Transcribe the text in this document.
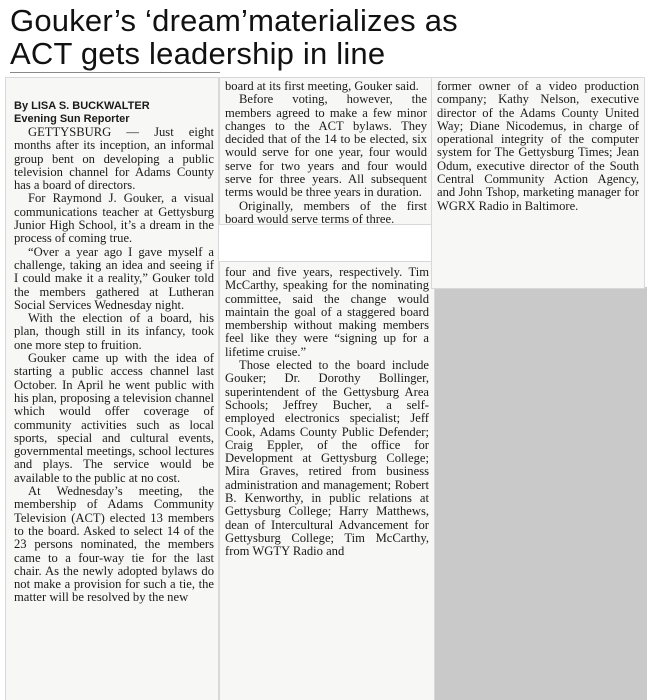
Gouker’s ‘dream’materializes as
ACT gets leadership in line

By LISA S. BUCKWALTER
Evening Sun Reporter

GETTYSBURG — Just eight months after its inception, an informal group bent on developing a public television channel for Adams County has a board of directors.

For Raymond J. Gouker, a visual communications teacher at Gettysburg Junior High School, it’s a dream in the process of coming true.

“Over a year ago I gave myself a challenge, taking an idea and seeing if I could make it a reality,” Gouker told the members gathered at Lutheran Social Services Wednesday night.

With the election of a board, his plan, though still in its infancy, took one more step to fruition.

Gouker came up with the idea of starting a public access channel last October. In April he went public with his plan, proposing a television channel which would offer coverage of community activities such as local sports, special and cultural events, governmental meetings, school lectures and plays. The service would be available to the public at no cost.

At Wednesday’s meeting, the membership of Adams Community Television (ACT) elected 13 members to the board. Asked to select 14 of the 23 persons nominated, the members came to a four-way tie for the last chair. As the newly adopted bylaws do not make a provision for such a tie, the matter will be resolved by the new

board at its first meeting, Gouker said.

Before voting, however, the members agreed to make a few minor changes to the ACT bylaws. They decided that of the 14 to be elected, six would serve for one year, four would serve for two years and four would serve for three years. All subsequent terms would be three years in duration.

Originally, members of the first board would serve terms of three.

four and five years, respectively. Tim McCarthy, speaking for the nominating committee, said the change would maintain the goal of a staggered board membership without making members feel like they were “signing up for a lifetime cruise.”

Those elected to the board include Gouker; Dr. Dorothy Bollinger, superintendent of the Gettysburg Area Schools; Jeffrey Bucher, a self-employed electronics specialist; Jeff Cook, Adams County Public Defender; Craig Eppler, of the office for Development at Gettysburg College; Mira Graves, retired from business administration and management; Robert B. Kenworthy, in public relations at Gettysburg College; Harry Matthews, dean of Intercultural Advancement for Gettysburg College; Tim McCarthy, from WGTY Radio and

former owner of a video production company; Kathy Nelson, executive director of the Adams County United Way; Diane Nicodemus, in charge of operational integrity of the computer system for The Gettysburg Times; Jean Odum, executive director of the South Central Community Action Agency, and John Tshop, marketing manager for WGRX Radio in Baltimore.
